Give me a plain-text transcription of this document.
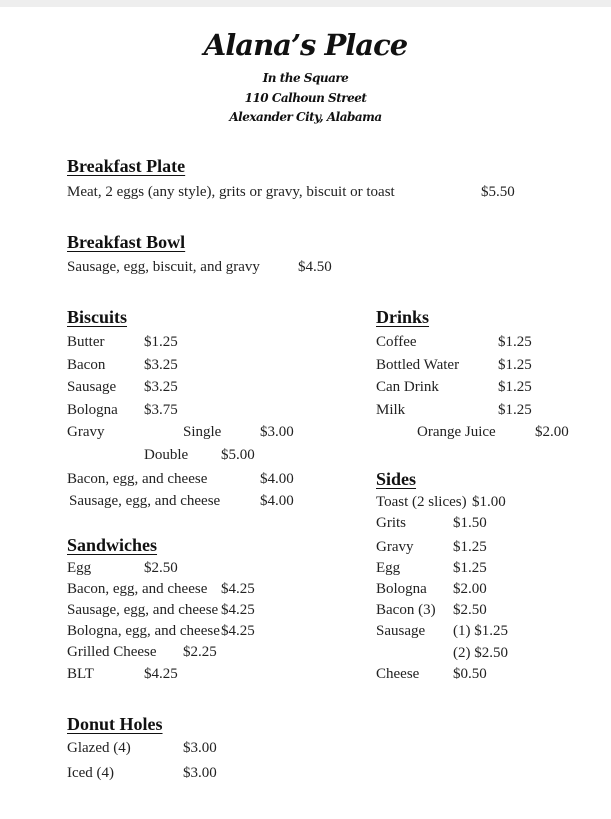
Alana’s Place
In the Square
110 Calhoun Street
Alexander City, Alabama
Breakfast Plate
Meat, 2 eggs (any style), grits or gravy, biscuit or toast	$5.50
Breakfast Bowl
Sausage, egg, biscuit, and gravy	$4.50
Biscuits
Butter	$1.25
Bacon	$3.25
Sausage $3.25
Bologna $3.75
Gravy	Single	$3.00
Double $5.00
Bacon, egg, and cheese	$4.00
Sausage, egg, and cheese	$4.00
Sandwiches
Egg	$2.50
Bacon, egg, and cheese $4.25
Sausage, egg, and cheese $4.25
Bologna, egg, and cheese $4.25
Grilled Cheese $2.25
BLT	$4.25
Donut Holes
Glazed (4)	$3.00
Iced (4)	$3.00
Drinks
Coffee	$1.25
Bottled Water	$1.25
Can Drink	$1.25
Milk	$1.25
Orange Juice	$2.00
Sides
Toast (2 slices) $1.00
Grits	$1.50
Gravy	$1.25
Egg	$1.25
Bologna $2.00
Bacon (3) $2.50
Sausage (1) $1.25
(2) $2.50
Cheese $0.50
